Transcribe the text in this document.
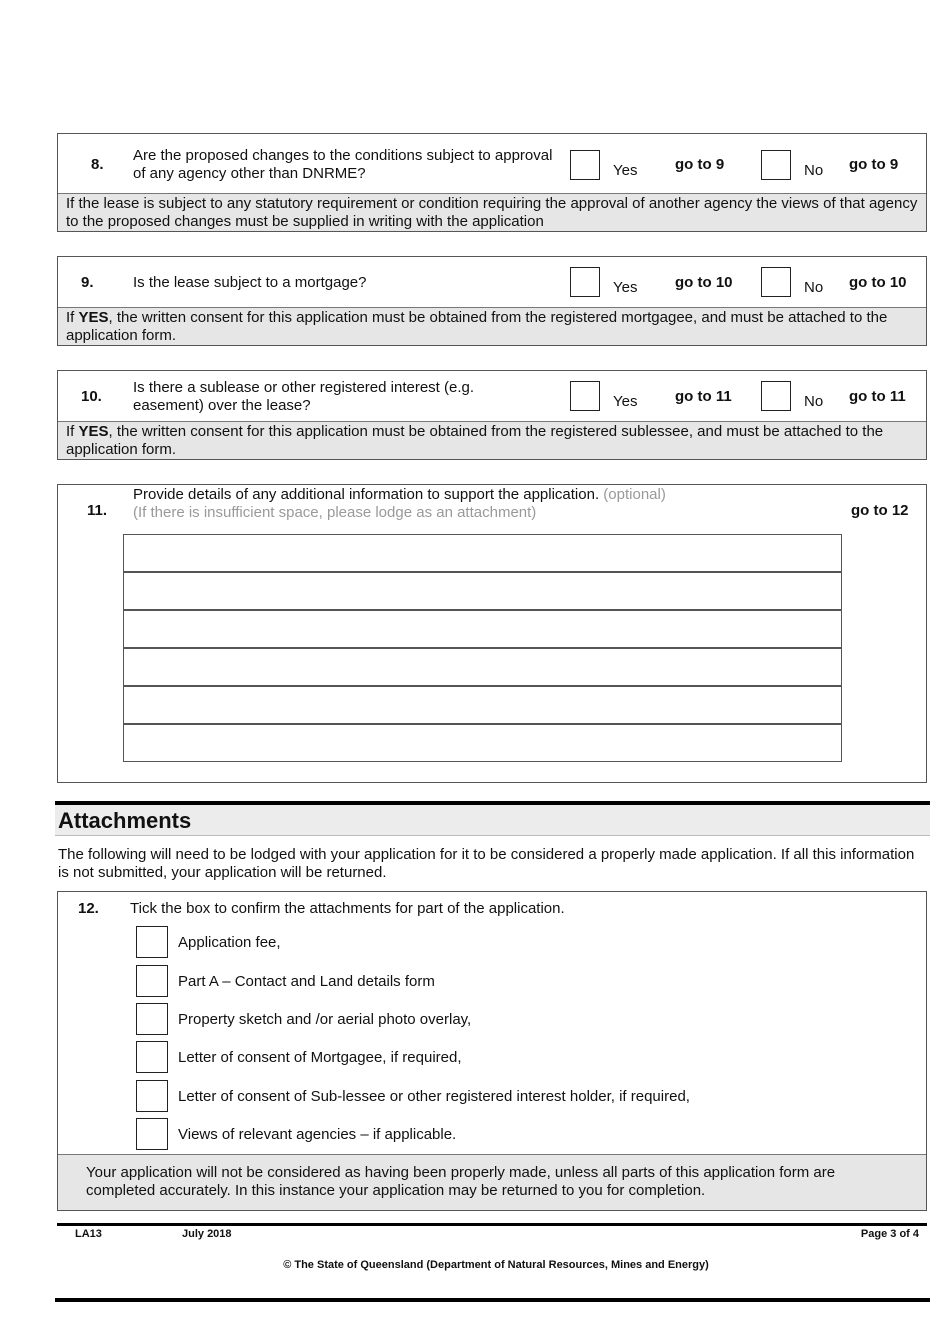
8.
Are the proposed changes to the conditions subject to approval of any agency other than DNRME?	Yes	go to 9	No go to 9
If the lease is subject to any statutory requirement or condition requiring the approval of another agency the views of that agency to the proposed changes must be supplied in writing with the application
9.	Is the lease subject to a mortgage?	Yes	go to 10	No go to 10
If YES, the written consent for this application must be obtained from the registered mortgagee, and must be attached to the application form.
10.
Is there a sublease or other registered interest (e.g. easement) over the lease?	Yes	go to 11	No go to 11
If YES, the written consent for this application must be obtained from the registered sublessee, and must be attached to the application form.
11.
Provide details of any additional information to support the application. (optional)
(If there is insufficient space, please lodge as an attachment)	go to 12
Attachments
The following will need to be lodged with your application for it to be considered a properly made application. If all this information is not submitted, your application will be returned.
12. Tick the box to confirm the attachments for part of the application.
Your application will not be considered as having been properly made, unless all parts of this application form are completed accurately. In this instance your application may be returned to you for completion.
Application fee,
Part A – Contact and Land details form
Property sketch and /or aerial photo overlay,
Letter of consent of Mortgagee, if required,
Letter of consent of Sub-lessee or other registered interest holder, if required,
Views of relevant agencies – if applicable.
LA13	July 2018	Page 3 of 4
© The State of Queensland (Department of Natural Resources, Mines and Energy)
